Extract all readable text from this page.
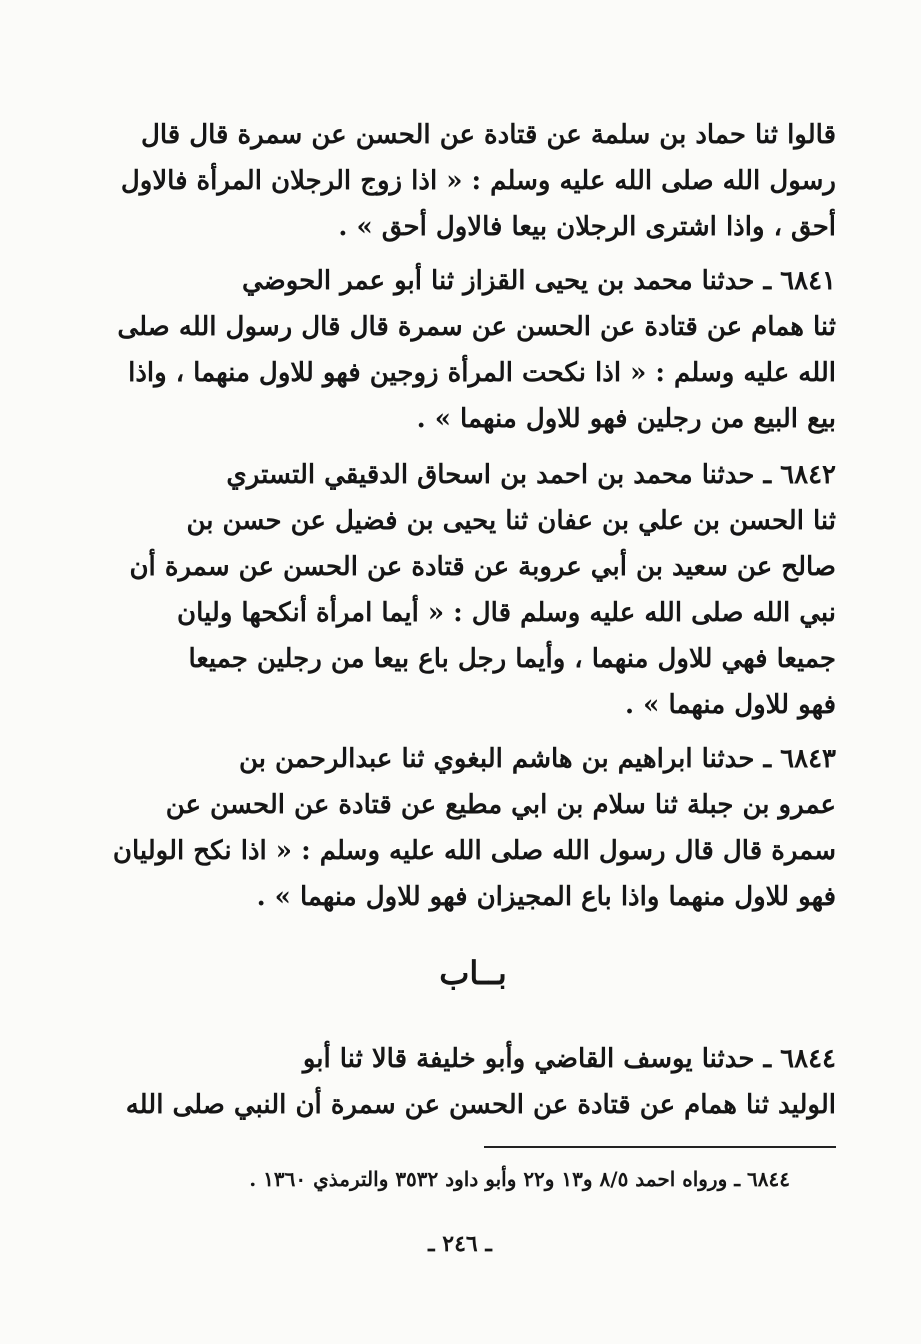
قالوا ثنا حماد بن سلمة عن قتادة عن الحسن عن سمرة قال قال
رسول الله صلى الله عليه وسلم : « اذا زوج الرجلان المرأة فالاول
أحق ، واذا اشترى الرجلان بيعا فالاول أحق » .
٦٨٤١ ـ حدثنا محمد بن يحيى القزاز ثنا أبو عمر الحوضي
ثنا همام عن قتادة عن الحسن عن سمرة قال قال رسول الله صلى
الله عليه وسلم : « اذا نكحت المرأة زوجين فهو للاول منهما ، واذا
بيع البيع من رجلين فهو للاول منهما » .
٦٨٤٢ ـ حدثنا محمد بن احمد بن اسحاق الدقيقي التستري
ثنا الحسن بن علي بن عفان ثنا يحيى بن فضيل عن حسن بن
صالح عن سعيد بن أبي عروبة عن قتادة عن الحسن عن سمرة أن
نبي الله صلى الله عليه وسلم قال : « أيما امرأة أنكحها وليان
جميعا فهي للاول منهما ، وأيما رجل باع بيعا من رجلين جميعا
فهو للاول منهما » .
٦٨٤٣ ـ حدثنا ابراهيم بن هاشم البغوي ثنا عبدالرحمن بن
عمرو بن جبلة ثنا سلام بن ابي مطيع عن قتادة عن الحسن عن
سمرة قال قال رسول الله صلى الله عليه وسلم : « اذا نكح الوليان
فهو للاول منهما واذا باع المجيزان فهو للاول منهما » .
بــاب
٦٨٤٤ ـ حدثنا يوسف القاضي وأبو خليفة قالا ثنا أبو
الوليد ثنا همام عن قتادة عن الحسن عن سمرة أن النبي صلى الله
٦٨٤٤ ـ ورواه احمد ٨/٥ و١٣ و٢٢ وأبو داود ٣٥٣٢ والترمذي ١٣٦٠ .
ـ ٢٤٦ ـ
